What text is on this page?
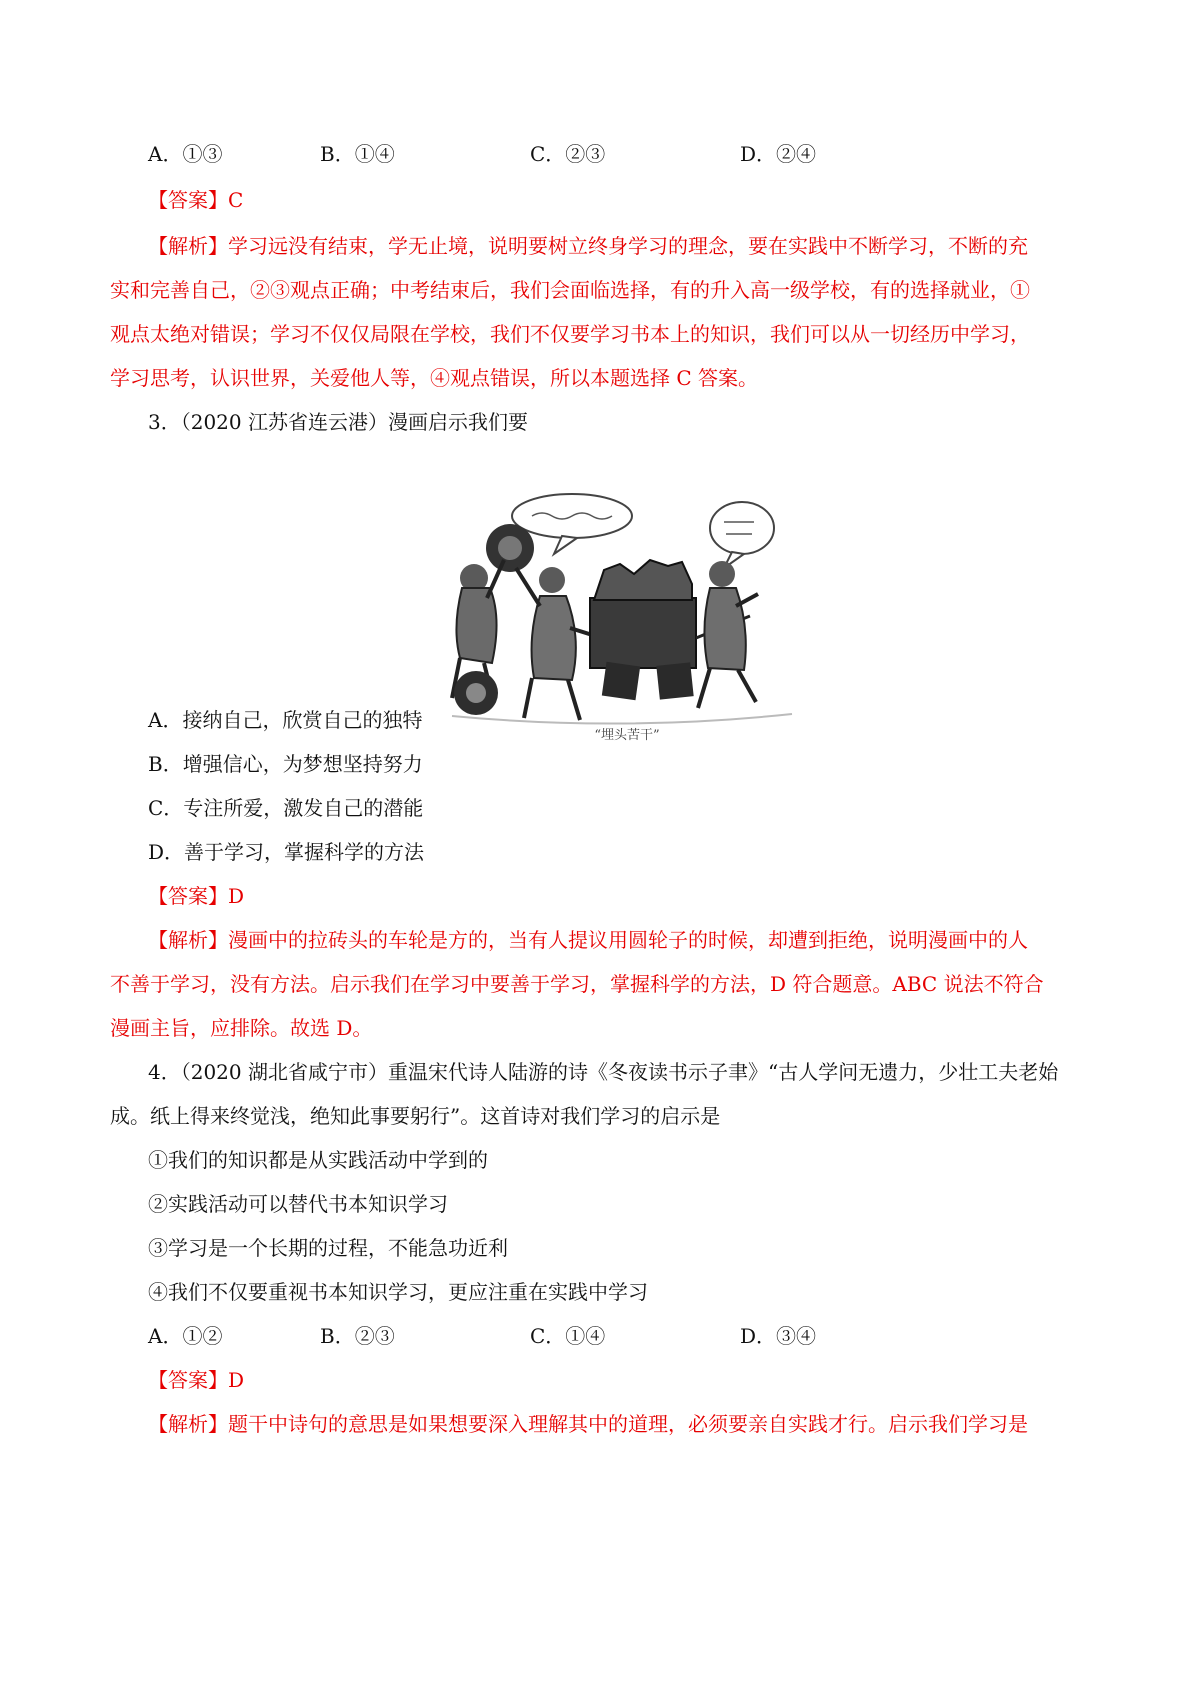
A．①③	B．①④	C．②③	D．②④
【答案】C
【解析】学习远没有结束，学无止境，说明要树立终身学习的理念，要在实践中不断学习，不断的充
实和完善自己，②③观点正确；中考结束后，我们会面临选择，有的升入高一级学校，有的选择就业，①
观点太绝对错误；学习不仅仅局限在学校，我们不仅要学习书本上的知识，我们可以从一切经历中学习，
学习思考，认识世界，关爱他人等，④观点错误，所以本题选择 C 答案。
3．（2020 江苏省连云港）漫画启示我们要
“埋头苦干”
A．接纳自己，欣赏自己的独特
B．增强信心，为梦想坚持努力
C．专注所爱，激发自己的潜能
D．善于学习，掌握科学的方法
【答案】D
【解析】漫画中的拉砖头的车轮是方的，当有人提议用圆轮子的时候，却遭到拒绝，说明漫画中的人
不善于学习，没有方法。启示我们在学习中要善于学习，掌握科学的方法，D 符合题意。ABC 说法不符合
漫画主旨，应排除。故选 D。
4．（2020 湖北省咸宁市）重温宋代诗人陆游的诗《冬夜读书示子聿》“古人学问无遗力，少壮工夫老始
成。纸上得来终觉浅，绝知此事要躬行”。这首诗对我们学习的启示是
①我们的知识都是从实践活动中学到的
②实践活动可以替代书本知识学习
③学习是一个长期的过程，不能急功近利
④我们不仅要重视书本知识学习，更应注重在实践中学习
A．①②	B．②③	C．①④	D．③④
【答案】D
【解析】题干中诗句的意思是如果想要深入理解其中的道理，必须要亲自实践才行。启示我们学习是
